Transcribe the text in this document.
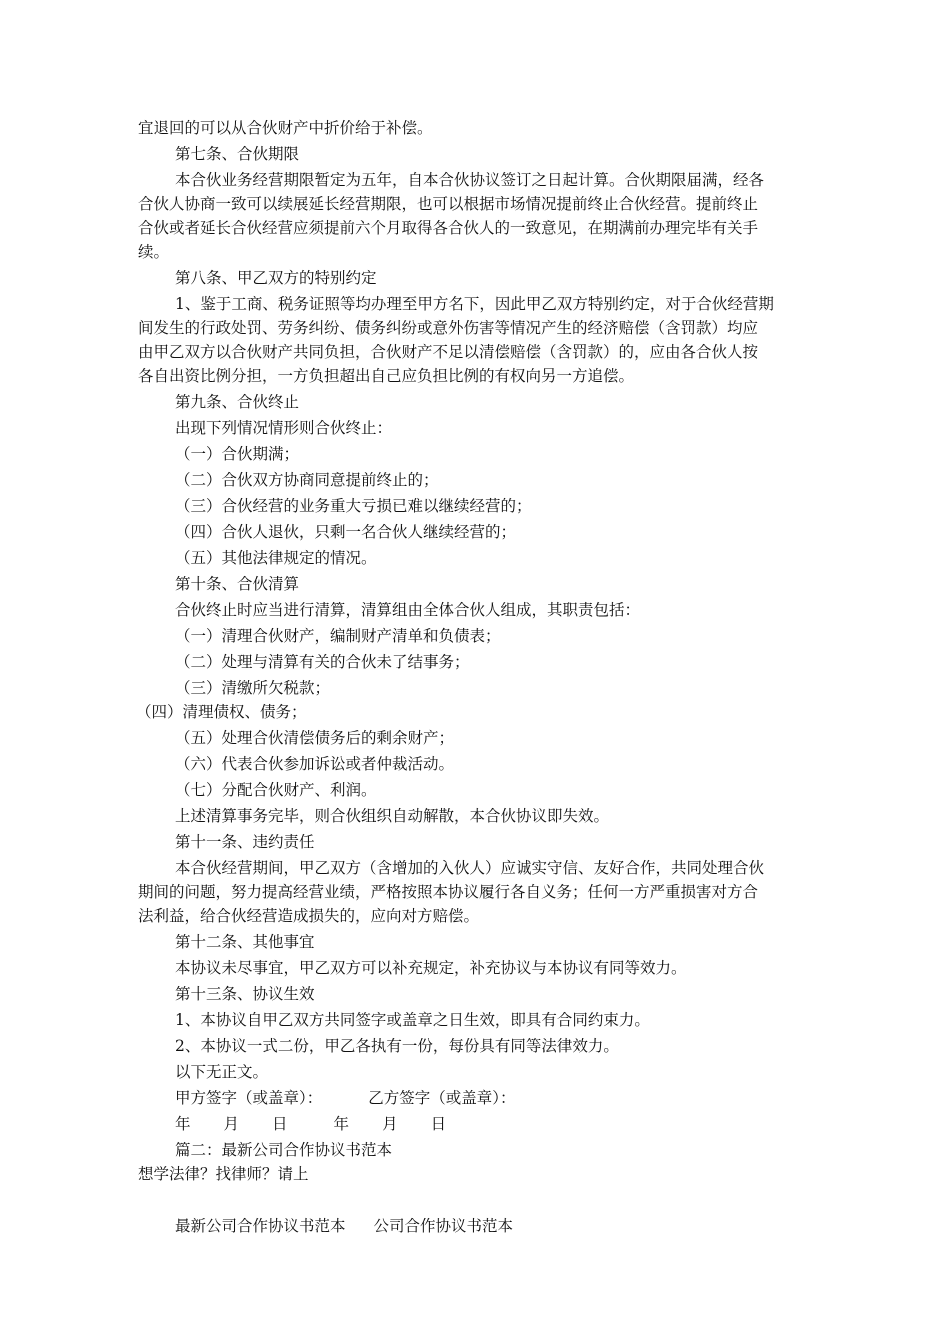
宜退回的可以从合伙财产中折价给于补偿。
第七条、合伙期限
本合伙业务经营期限暂定为五年，自本合伙协议签订之日起计算。合伙期限届满，经各
合伙人协商一致可以续展延长经营期限，也可以根据市场情况提前终止合伙经营。提前终止
合伙或者延长合伙经营应须提前六个月取得各合伙人的一致意见，在期满前办理完毕有关手
续。
第八条、甲乙双方的特别约定
1、鉴于工商、税务证照等均办理至甲方名下，因此甲乙双方特别约定，对于合伙经营期
间发生的行政处罚、劳务纠纷、债务纠纷或意外伤害等情况产生的经济赔偿（含罚款）均应
由甲乙双方以合伙财产共同负担，合伙财产不足以清偿赔偿（含罚款）的，应由各合伙人按
各自出资比例分担，一方负担超出自己应负担比例的有权向另一方追偿。
第九条、合伙终止
出现下列情况情形则合伙终止：
（一）合伙期满；
（二）合伙双方协商同意提前终止的；
（三）合伙经营的业务重大亏损已难以继续经营的；
（四）合伙人退伙，只剩一名合伙人继续经营的；
（五）其他法律规定的情况。
第十条、合伙清算
合伙终止时应当进行清算，清算组由全体合伙人组成，其职责包括：
（一）清理合伙财产，编制财产清单和负债表；
（二）处理与清算有关的合伙未了结事务；
（三）清缴所欠税款；
（四）清理债权、债务；
（五）处理合伙清偿债务后的剩余财产；
（六）代表合伙参加诉讼或者仲裁活动。
（七）分配合伙财产、利润。
上述清算事务完毕，则合伙组织自动解散，本合伙协议即失效。
第十一条、违约责任
本合伙经营期间，甲乙双方（含增加的入伙人）应诚实守信、友好合作，共同处理合伙
期间的问题，努力提高经营业绩，严格按照本协议履行各自义务；任何一方严重损害对方合
法利益，给合伙经营造成损失的，应向对方赔偿。
第十二条、其他事宜
本协议未尽事宜，甲乙双方可以补充规定，补充协议与本协议有同等效力。
第十三条、协议生效
1、本协议自甲乙双方共同签字或盖章之日生效，即具有合同约束力。
2、本协议一式二份，甲乙各执有一份，每份具有同等法律效力。
以下无正文。
甲方签字（或盖章）：	乙方签字（或盖章）：
年 月 日	年 月 日
篇二：最新公司合作协议书范本
想学法律？找律师？请上
最新公司合作协议书范本 公司合作协议书范本
